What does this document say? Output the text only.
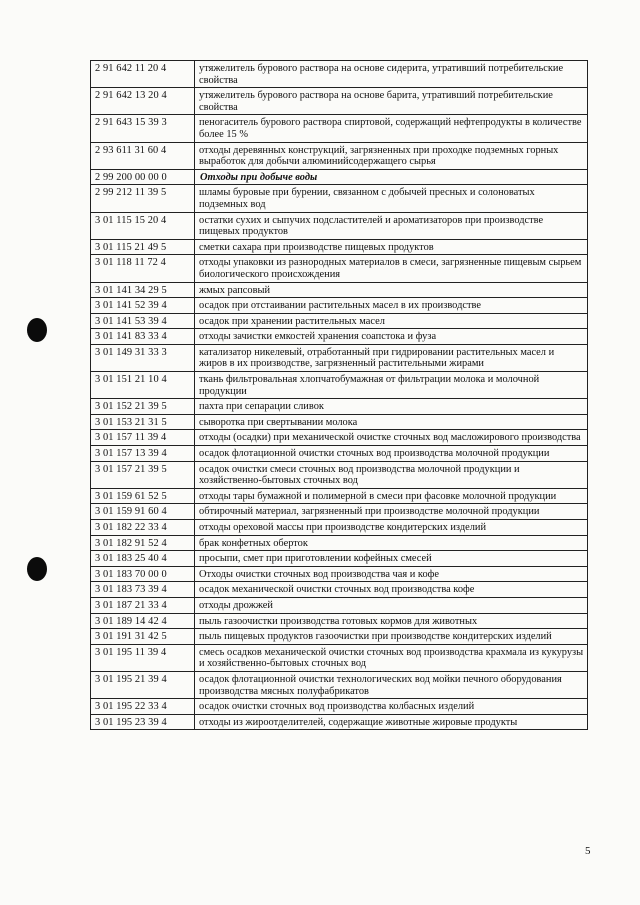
2 91 642 11 20 4	утяжелитель бурового раствора на основе сидерита, утративший потребительские свойства
2 91 642 13 20 4	утяжелитель бурового раствора на основе барита, утративший потребительские свойства
2 91 643 15 39 3	пеногаситель бурового раствора спиртовой, содержащий нефтепродукты в количестве более 15 %
2 93 611 31 60 4	отходы деревянных конструкций, загрязненных при проходке подземных горных выработок для добычи алюминийсодержащего сырья
2 99 200 00 00 0	Отходы при добыче воды
2 99 212 11 39 5	шламы буровые при бурении, связанном с добычей пресных и солоноватых подземных вод
3 01 115 15 20 4	остатки сухих и сыпучих подсластителей и ароматизаторов при производстве пищевых продуктов
3 01 115 21 49 5	сметки сахара при производстве пищевых продуктов
3 01 118 11 72 4	отходы упаковки из разнородных материалов в смеси, загрязненные пищевым сырьем биологического происхождения
3 01 141 34 29 5	жмых рапсовый
3 01 141 52 39 4	осадок при отстаивании растительных масел в их производстве
3 01 141 53 39 4	осадок при хранении растительных масел
3 01 141 83 33 4	отходы зачистки емкостей хранения соапстока и фуза
3 01 149 31 33 3	катализатор никелевый, отработанный при гидрировании растительных масел и жиров в их производстве, загрязненный растительными жирами
3 01 151 21 10 4	ткань фильтровальная хлопчатобумажная от фильтрации молока и молочной продукции
3 01 152 21 39 5	пахта при сепарации сливок
3 01 153 21 31 5	сыворотка при свертывании молока
3 01 157 11 39 4	отходы (осадки) при механической очистке сточных вод масложирового производства
3 01 157 13 39 4	осадок флотационной очистки сточных вод производства молочной продукции
3 01 157 21 39 5	осадок очистки смеси сточных вод производства молочной продукции и хозяйственно-бытовых сточных вод
3 01 159 61 52 5	отходы тары бумажной и полимерной в смеси при фасовке молочной продукции
3 01 159 91 60 4	обтирочный материал, загрязненный при производстве молочной продукции
3 01 182 22 33 4	отходы ореховой массы при производстве кондитерских изделий
3 01 182 91 52 4	брак конфетных оберток
3 01 183 25 40 4	просыпи, смет при приготовлении кофейных смесей
3 01 183 70 00 0	Отходы очистки сточных вод производства чая и кофе
3 01 183 73 39 4	осадок механической очистки сточных вод производства кофе
3 01 187 21 33 4	отходы дрожжей
3 01 189 14 42 4	пыль газоочистки производства готовых кормов для животных
3 01 191 31 42 5	пыль пищевых продуктов газоочистки при производстве кондитерских изделий
3 01 195 11 39 4	смесь осадков механической очистки сточных вод производства крахмала из кукурузы и хозяйственно-бытовых сточных вод
3 01 195 21 39 4	осадок флотационной очистки технологических вод мойки печного оборудования производства мясных полуфабрикатов
3 01 195 22 33 4	осадок очистки сточных вод производства колбасных изделий
3 01 195 23 39 4	отходы из жироотделителей, содержащие животные жировые продукты
5
